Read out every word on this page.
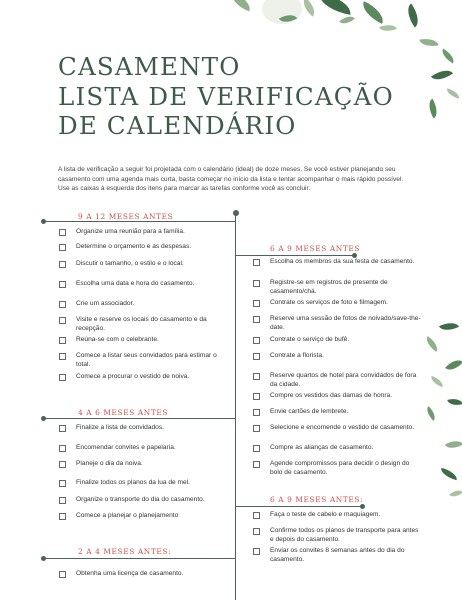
CASAMENTO
LISTA DE VERIFICAÇÃO
DE CALENDÁRIO

A lista de verificação a seguir foi projetada com o calendário (ideal) de doze meses. Se você estiver planejando seu casamento com uma agenda mais curta, basta começar no início da lista e tentar acompanhar o mais rápido possível. Use as caixas à esquerda dos itens para marcar as tarefas conforme você as concluir.

9 A 12 MESES ANTES
Organize uma reunião para a família.
Determine o orçamento e as despesas.
Discutir o tamanho, o estilo e o local.
Escolha uma data e hora do casamento.
Crie um associador.
Visite e reserve os locais do casamento e da recepção.
Reúna-se com o celebrante.
Comece a listar seus convidados para estimar o total.
Comece a procurar o vestido de noiva.
4 A 6 MESES ANTES
Finalize a lista de convidados.
Encomendar convites e papelaria.
Planeje o dia da noiva.
Finalize todos os planos da lua de mel.
Organize o transporte do dia do casamento.
Comece a planejar o planejamento
2 A 4 MESES ANTES:
Obtenha uma licença de casamento.
6 A 9 MESES ANTES
Escolha os membros da sua festa de casamento.
Registre-se em registros de presente de casamento/chá.
Contrate os serviços de foto e filmagem.
Reserve uma sessão de fotos de noivado/save-the-date.
Contrate o serviço de bufê.
Contrate a florista.
Reserve quartos de hotel para convidados de fora da cidade.
Compre os vestidos das damas de honra.
Envie cartões de lembrete.
Selecione e encomende o vestido de casamento.
Compre as alianças de casamento.
Agende compromissos para decidir o design do bolo de casamento.
6 A 9 MESES ANTES:
Faça o teste de cabelo e maquiagem.
Confirme todos os planos de transporte para antes e depois do casamento.
Enviar os convites 8 semanas antes do dia do casamento.
